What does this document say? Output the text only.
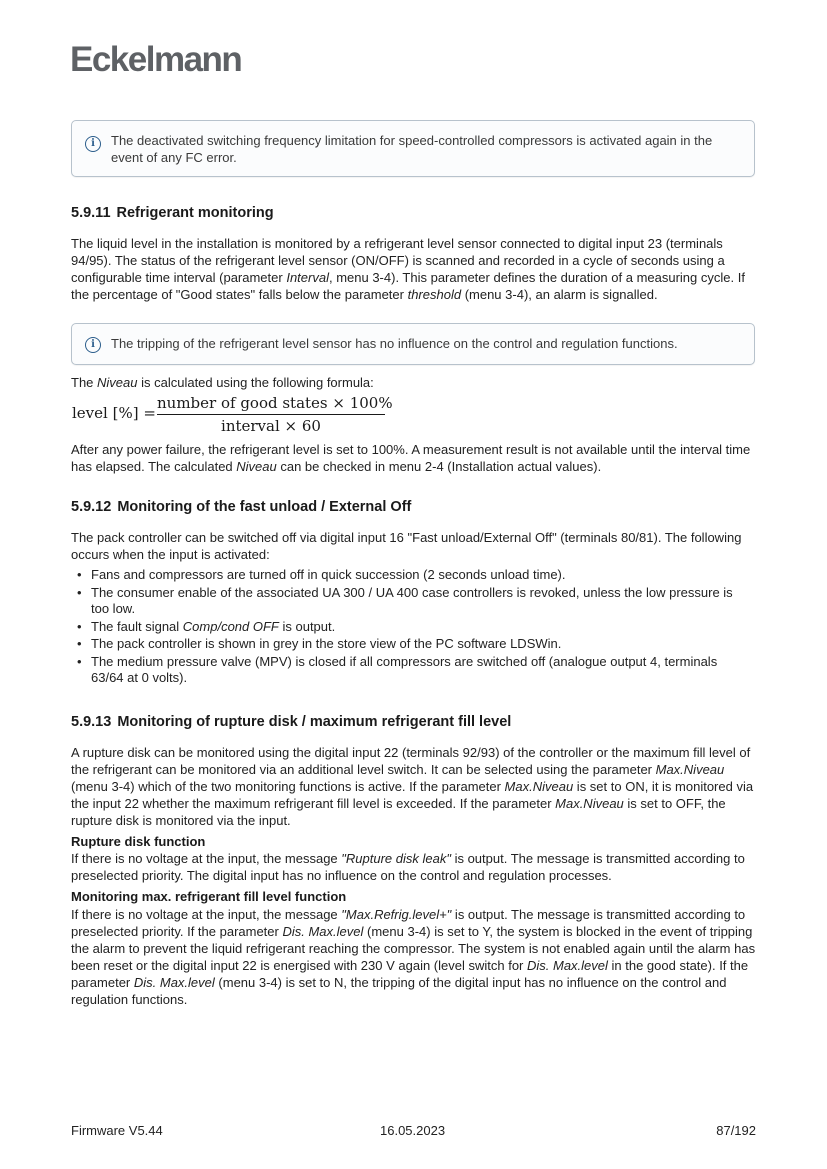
Eckelmann
i	The deactivated switching frequency limitation for speed-controlled compressors is activated again in the event of any FC error.
5.9.11 Refrigerant monitoring
The liquid level in the installation is monitored by a refrigerant level sensor connected to digital input 23 (terminals 94/95). The status of the refrigerant level sensor (ON/OFF) is scanned and recorded in a cycle of seconds using a configurable time interval (parameter Interval, menu 3-4). This parameter defines the duration of a measuring cycle. If the percentage of "Good states" falls below the parameter threshold (menu 3-4), an alarm is signalled.
i	The tripping of the refrigerant level sensor has no influence on the control and regulation functions.
The Niveau is calculated using the following formula:
level [%] =
number of good states × 100%
interval × 60
After any power failure, the refrigerant level is set to 100%. A measurement result is not available until the interval time has elapsed. The calculated Niveau can be checked in menu 2-4 (Installation actual values).
5.9.12 Monitoring of the fast unload / External Off
The pack controller can be switched off via digital input 16 "Fast unload/External Off" (terminals 80/81). The following occurs when the input is activated:
• Fans and compressors are turned off in quick succession (2 seconds unload time).
• The consumer enable of the associated UA 300 / UA 400 case controllers is revoked, ⁣unless the low pressure is too low.
• The fault signal Comp/cond OFF is output.
• The pack controller is shown in grey in the store view of the PC software LDSWin.
• The medium pressure valve (MPV) is closed if all compressors are switched off (analogue output 4, terminals 63/64 at 0 volts).
5.9.13 Monitoring of rupture disk / maximum refrigerant fill level
A rupture disk can be monitored using the digital input 22 (terminals 92/93) of the controller or the maximum fill level of the refrigerant can be monitored via an additional level switch. It can be selected using the parameter Max.Niveau (menu 3-4) which of the two monitoring functions is active. If the parameter Max.Niveau is set to ON, it is monitored via the input 22 whether the maximum refrigerant fill level is exceeded. If the parameter Max.Niveau is set to OFF, the rupture disk is monitored via the input.
Rupture disk function
If there is no voltage at the input, the message "Rupture disk leak" is output. The message is transmitted according to preselected priority. The digital input has no influence on the control and regulation processes.
Monitoring max. refrigerant fill level function
If there is no voltage at the input, the message "Max.Refrig.level+" is output. The message is transmitted according to preselected priority. If the parameter Dis. Max.level (menu 3-4) is set to Y, the system is blocked in the event of tripping the alarm to prevent the liquid refrigerant reaching the compressor. The system is not enabled again until the alarm has been reset or the digital input 22 is energised with 230 V again (level switch for Dis. Max.level in the good state). If the parameter Dis. Max.level (menu 3-4) is set to N, the tripping of the digital input has no influence on the control and regulation functions.
Firmware V5.44	16.05.2023	87/192
